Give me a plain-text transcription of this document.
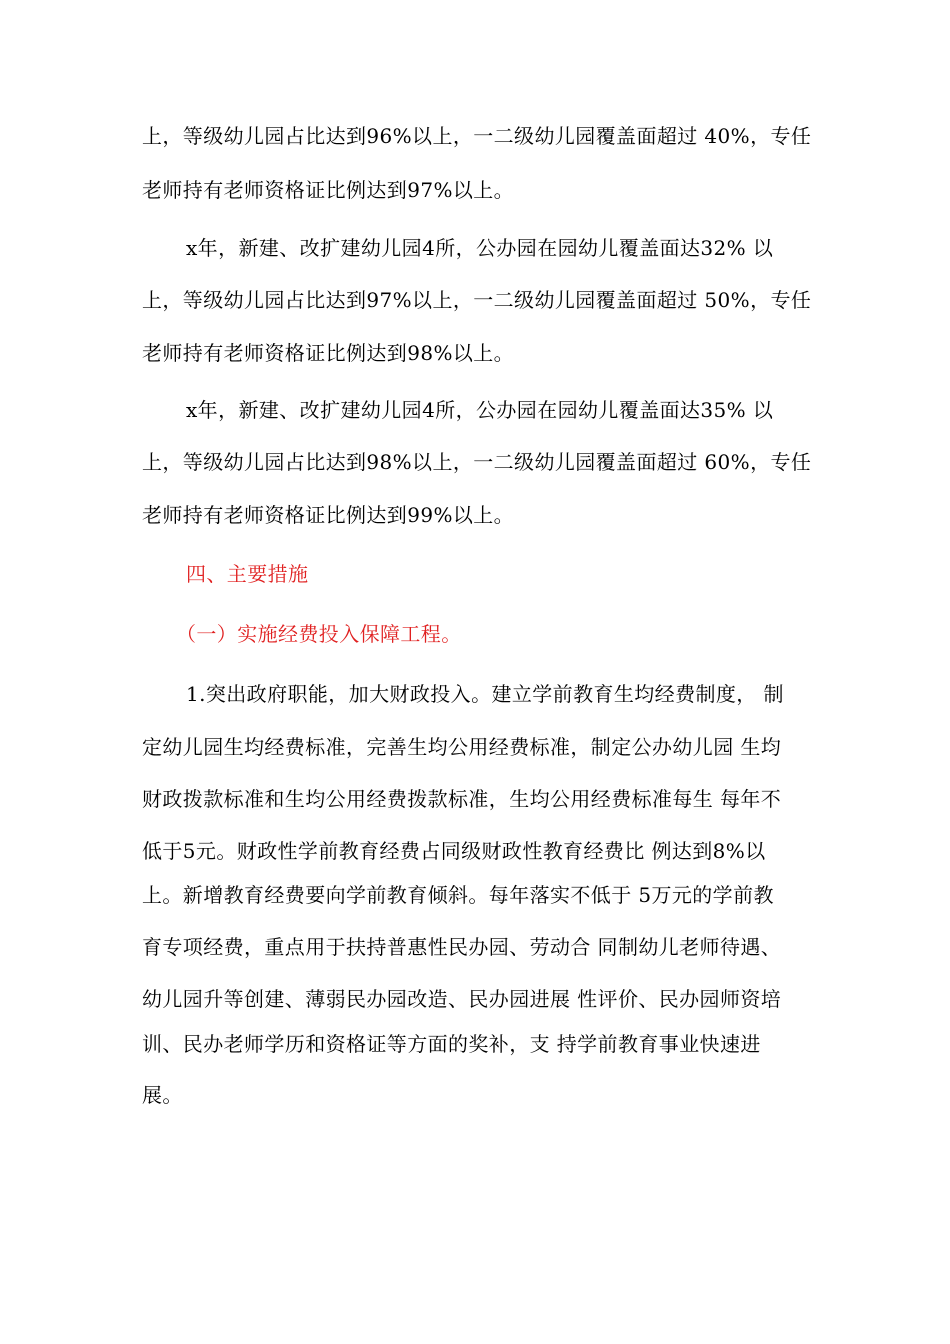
上，等级幼儿园占比达到96%以上，一二级幼儿园覆盖面超过 40%，专任
老师持有老师资格证比例达到97%以上。
x年，新建、改扩建幼儿园4所，公办园在园幼儿覆盖面达32% 以
上，等级幼儿园占比达到97%以上，一二级幼儿园覆盖面超过 50%，专任
老师持有老师资格证比例达到98%以上。
x年，新建、改扩建幼儿园4所，公办园在园幼儿覆盖面达35% 以
上，等级幼儿园占比达到98%以上，一二级幼儿园覆盖面超过 60%，专任
老师持有老师资格证比例达到99%以上。
四、主要措施
（一）实施经费投入保障工程。
1.突出政府职能，加大财政投入。建立学前教育生均经费制度， 制
定幼儿园生均经费标准，完善生均公用经费标准，制定公办幼儿园 生均
财政拨款标准和生均公用经费拨款标准，生均公用经费标准每生 每年不
低于5元。财政性学前教育经费占同级财政性教育经费比 例达到8%以
上。新增教育经费要向学前教育倾斜。每年落实不低于 5万元的学前教
育专项经费，重点用于扶持普惠性民办园、劳动合 同制幼儿老师待遇、
幼儿园升等创建、薄弱民办园改造、民办园进展 性评价、民办园师资培
训、民办老师学历和资格证等方面的奖补，支 持学前教育事业快速进
展。
